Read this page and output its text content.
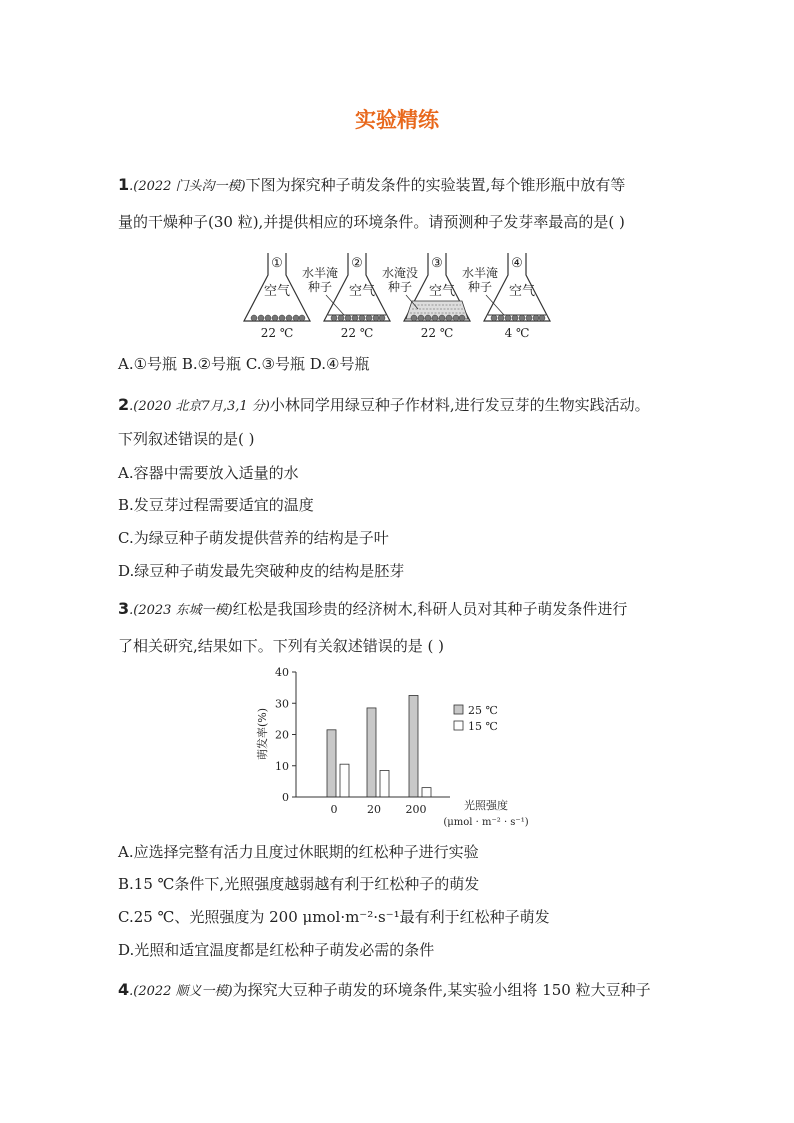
实验精练
1.(2022 门头沟一模)下图为探究种子萌发条件的实验装置,每个锥形瓶中放有等
量的干燥种子(30 粒),并提供相应的环境条件。请预测种子发芽率最高的是( )
①	②	③	④
空气	空气	空气	空气
水半淹
种子
水淹没
种子
水半淹
种子
22 ℃	22 ℃	22 ℃	4 ℃
A.①号瓶 B.②号瓶 C.③号瓶 D.④号瓶
2.(2020 北京7月,3,1 分)小林同学用绿豆种子作材料,进行发豆芽的生物实践活动。
下列叙述错误的是( )
A.容器中需要放入适量的水
B.发豆芽过程需要适宜的温度
C.为绿豆种子萌发提供营养的结构是子叶
D.绿豆种子萌发最先突破种皮的结构是胚芽
3.(2023 东城一模)红松是我国珍贵的经济树木,科研人员对其种子萌发条件进行
了相关研究,结果如下。下列有关叙述错误的是 ( )
0
10
20
30
40
萌发率(%)
0	20 200	光照强度
(μmol · m⁻² · s⁻¹)
25 ℃
15 ℃
A.应选择完整有活力且度过休眠期的红松种子进行实验
B.15 ℃条件下,光照强度越弱越有利于红松种子的萌发
C.25 ℃、光照强度为 200 μmol·m⁻²·s⁻¹最有利于红松种子萌发
D.光照和适宜温度都是红松种子萌发必需的条件
4.(2022 顺义一模)为探究大豆种子萌发的环境条件,某实验小组将 150 粒大豆种子
